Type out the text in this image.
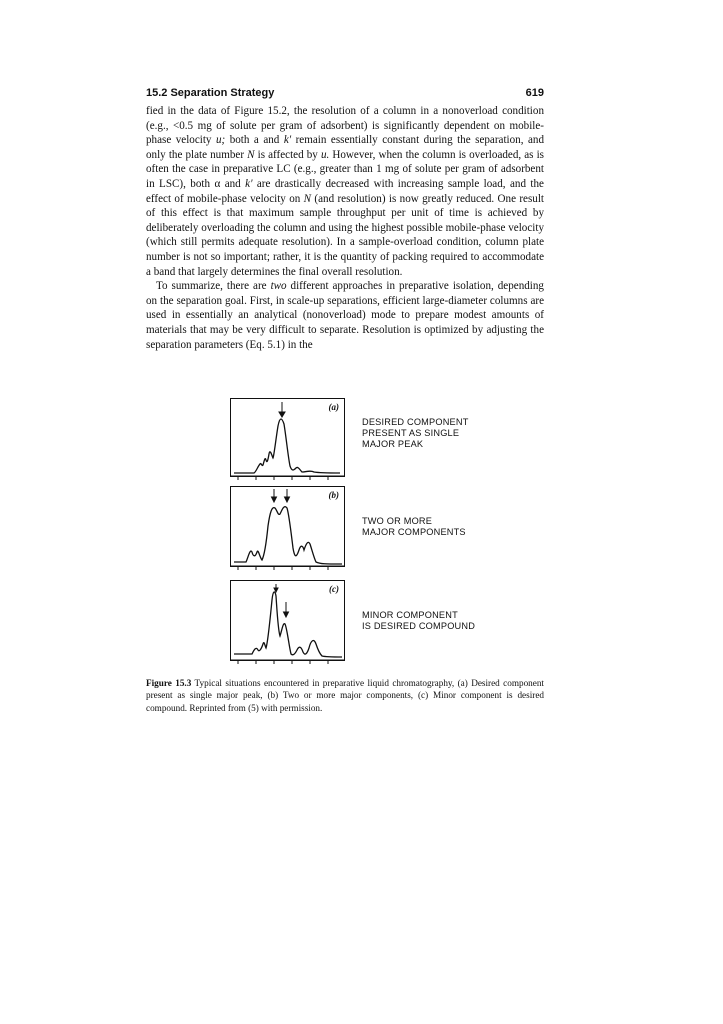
15.2 Separation Strategy	619

fied in the data of Figure 15.2, the resolution of a column in a nonoverload condition (e.g., <0.5 mg of solute per gram of adsorbent) is significantly dependent on mobile-phase velocity u; both a and k' remain essentially constant during the separation, and only the plate number N is affected by u. However, when the column is overloaded, as is often the case in preparative LC (e.g., greater than 1 mg of solute per gram of adsorbent in LSC), both α and k' are drastically decreased with increasing sample load, and the effect of mobile-phase velocity on N (and resolution) is now greatly reduced. One result of this effect is that maximum sample throughput per unit of time is achieved by deliberately overloading the column and using the highest possible mobile-phase velocity (which still permits adequate resolution). In a sample-overload condition, column plate number is not so important; rather, it is the quantity of packing required to accommodate a band that largely determines the final overall resolution.

To summarize, there are two different approaches in preparative isolation, depending on the separation goal. First, in scale-up separations, efficient large-diameter columns are used in essentially an analytical (nonoverload) mode to prepare modest amounts of materials that may be very difficult to separate. Resolution is optimized by adjusting the separation parameters (Eq. 5.1) in the

(a)
DESIRED COMPONENT
PRESENT AS SINGLE
MAJOR PEAK
(b)
TWO OR MORE
MAJOR COMPONENTS
(c)
MINOR COMPONENT
IS DESIRED COMPOUND
Figure 15.3 Typical situations encountered in preparative liquid chromatography, (a) Desired component present as single major peak, (b) Two or more major components, (c) Minor component is desired compound. Reprinted from (5) with permission.
